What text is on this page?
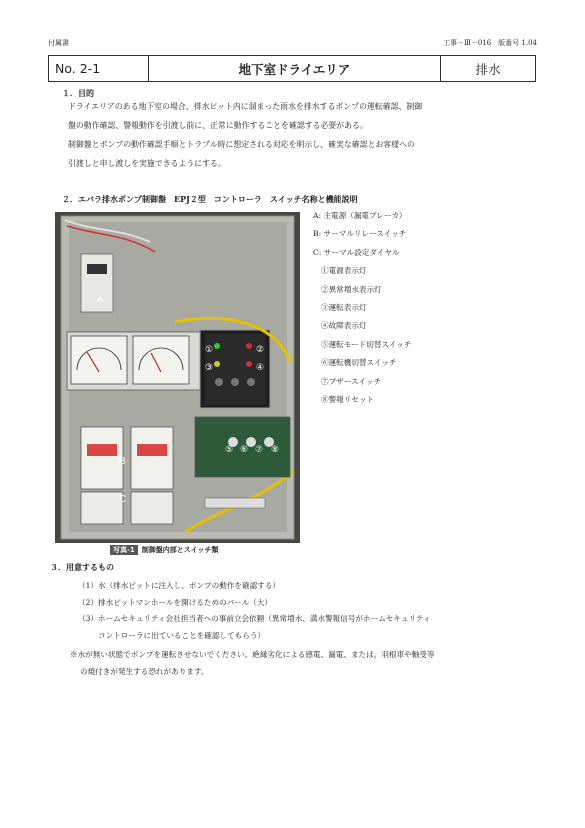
付属書	工事－Ⅲ－016　版番号 1.04
No. 2-1	地下室ドライエリア	排水
１．目的
ドライエリアのある地下室の場合、排水ピット内に溜まった雨水を排水するポンプの運転確認、制御
盤の動作確認、警報動作を引渡し前に、正常に動作することを確認する必要がある。
制御盤とポンプの動作確認手順とトラブル時に想定される対応を明示し、確実な確認とお客様への
引渡しと申し渡しを実施できるようにする。
２．エバラ排水ポンプ制御盤　EPJ２型　コントローラ　スイッチ名称と機能説明
A
B
C
①	②
③	④
⑤ ⑥ ⑦ ⑧
写真-1 制御盤内部とスイッチ類
A: 主電源（漏電ブレーカ）
B: サーマルリレースイッチ
C: サーマル設定ダイヤル
①電源表示灯
②異常増水表示灯
③運転表示灯
④故障表示灯
⑤運転モード切替スイッチ
⑥運転機切替スイッチ
⑦ブザースイッチ
⑧警報リセット
３．用意するもの
（1）水（排水ピットに注入し、ポンプの動作を確認する）
（2）排水ピットマンホールを開けるためのバール（大）
（3）ホームセキュリティ会社担当者への事前立会依頼（異常増水、満水警報信号がホームセキュリティ
コントローラに出ていることを確認してもらう）
※水が無い状態でポンプを運転させないでください。絶縁劣化による感電、漏電、または，羽根車や軸受等
の焼付きが発生する恐れがあります。
